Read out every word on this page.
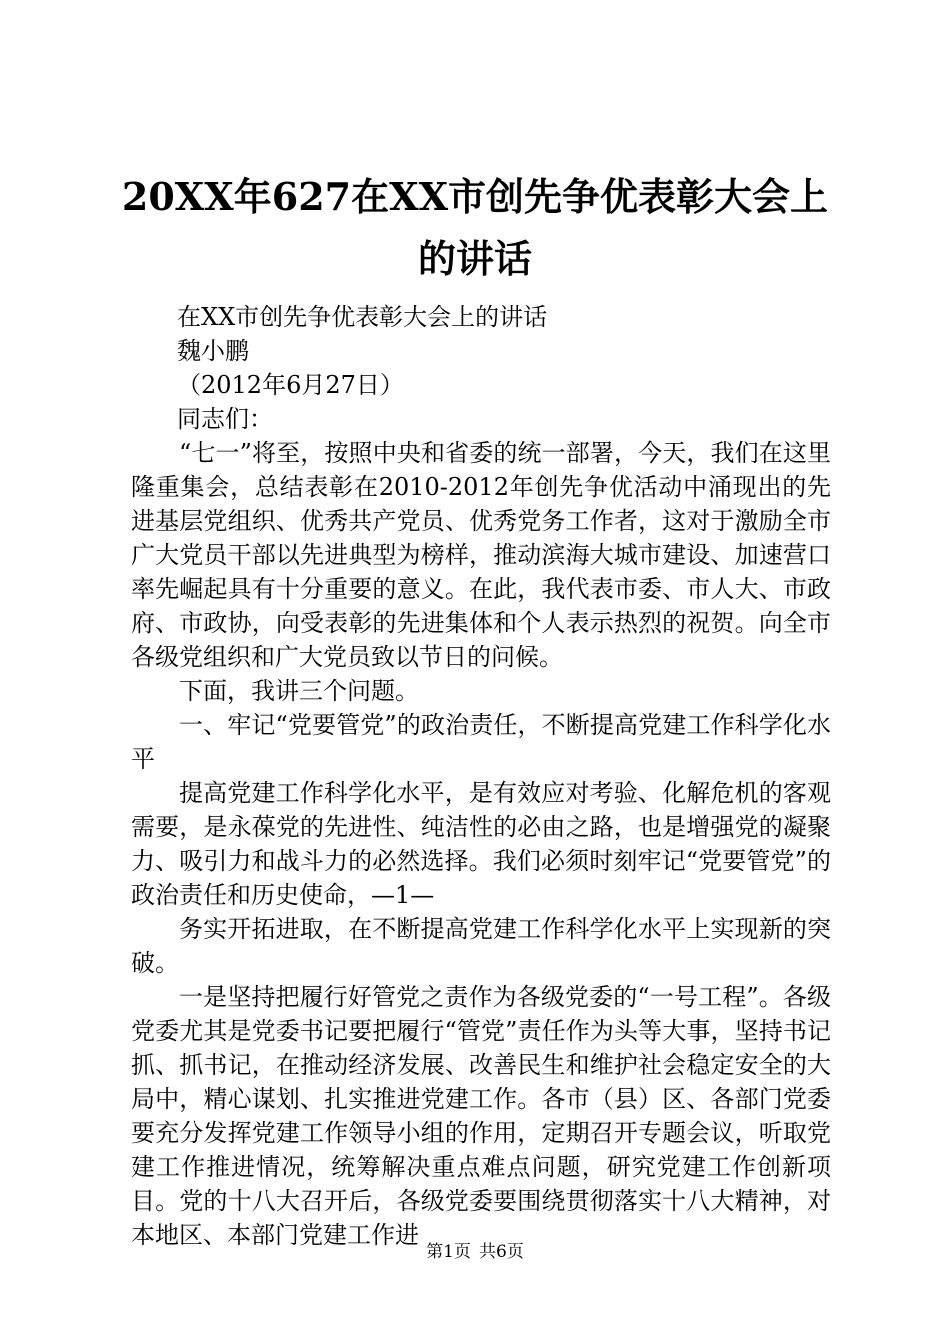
20XX年627在XX市创先争优表彰大会上的讲话
在XX市创先争优表彰大会上的讲话
魏小鹏
（2012年6月27日）
同志们：

“七一”将至，按照中央和省委的统一部署，今天，我们在这里隆重集会，总结表彰在2010-2012年创先争优活动中涌现出的先进基层党组织、优秀共产党员、优秀党务工作者，这对于激励全市广大党员干部以先进典型为榜样，推动滨海大城市建设、加速营口率先崛起具有十分重要的意义。在此，我代表市委、市人大、市政府、市政协，向受表彰的先进集体和个人表示热烈的祝贺。向全市各级党组织和广大党员致以节日的问候。

下面，我讲三个问题。

一、牢记“党要管党”的政治责任，不断提高党建工作科学化水平

提高党建工作科学化水平，是有效应对考验、化解危机的客观需要，是永葆党的先进性、纯洁性的必由之路，也是增强党的凝聚力、吸引力和战斗力的必然选择。我们必须时刻牢记“党要管党”的政治责任和历史使命，—1—

务实开拓进取，在不断提高党建工作科学化水平上实现新的突破。

一是坚持把履行好管党之责作为各级党委的“一号工程”。各级党委尤其是党委书记要把履行“管党”责任作为头等大事，坚持书记抓、抓书记，在推动经济发展、改善民生和维护社会稳定安全的大局中，精心谋划、扎实推进党建工作。各市（县）区、各部门党委要充分发挥党建工作领导小组的作用，定期召开专题会议，听取党建工作推进情况，统筹解决重点难点问题，研究党建工作创新项目。党的十八大召开后，各级党委要围绕贯彻落实十八大精神，对本地区、本部门党建工作进

第1页 共6页
